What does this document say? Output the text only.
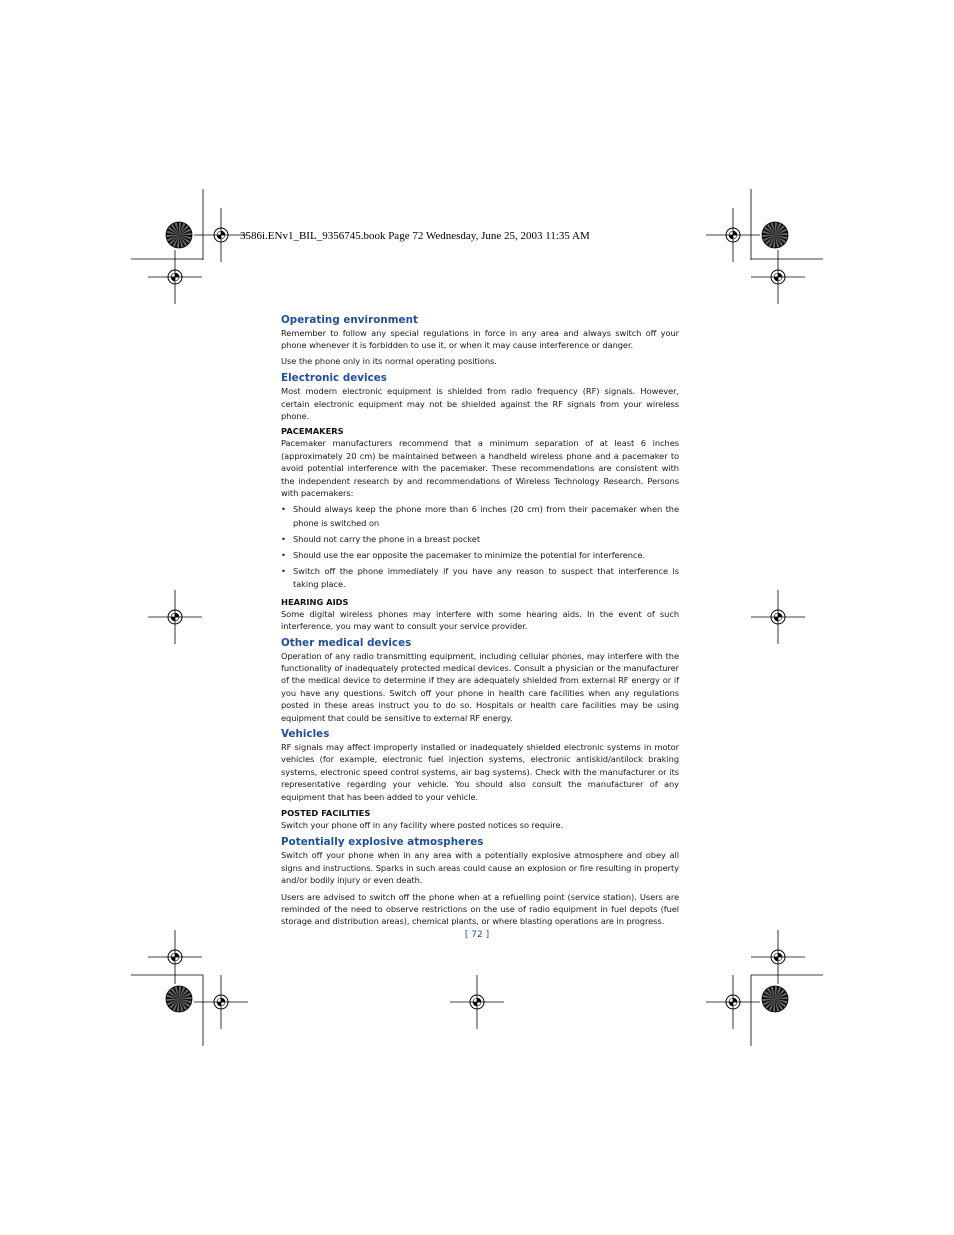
3586i.ENv1_BIL_9356745.book Page 72 Wednesday, June 25, 2003 11:35 AM
Operating environment

Remember to follow any special regulations in force in any area and always switch off your phone whenever it is forbidden to use it, or when it may cause interference or danger.

Use the phone only in its normal operating positions.

Electronic devices

Most modern electronic equipment is shielded from radio frequency (RF) signals. However, certain electronic equipment may not be shielded against the RF signals from your wireless phone.

PACEMAKERS

Pacemaker manufacturers recommend that a minimum separation of at least 6 inches (approximately 20 cm) be maintained between a handheld wireless phone and a pacemaker to avoid potential interference with the pacemaker. These recommendations are consistent with the independent research by and recommendations of Wireless Technology Research. Persons with pacemakers:

• Should always keep the phone more than 6 inches (20 cm) from their pacemaker when the phone is switched on
• Should not carry the phone in a breast pocket
• Should use the ear opposite the pacemaker to minimize the potential for interference.
• Switch off the phone immediately if you have any reason to suspect that interference is taking place.
HEARING AIDS

Some digital wireless phones may interfere with some hearing aids. In the event of such interference, you may want to consult your service provider.

Other medical devices

Operation of any radio transmitting equipment, including cellular phones, may interfere with the functionality of inadequately protected medical devices. Consult a physician or the manufacturer of the medical device to determine if they are adequately shielded from external RF energy or if you have any questions. Switch off your phone in health care facilities when any regulations posted in these areas instruct you to do so. Hospitals or health care facilities may be using equipment that could be sensitive to external RF energy.

Vehicles

RF signals may affect improperly installed or inadequately shielded electronic systems in motor vehicles (for example, electronic fuel injection systems, electronic antiskid/antilock braking systems, electronic speed control systems, air bag systems). Check with the manufacturer or its representative regarding your vehicle. You should also consult the manufacturer of any equipment that has been added to your vehicle.

POSTED FACILITIES

Switch your phone off in any facility where posted notices so require.

Potentially explosive atmospheres

Switch off your phone when in any area with a potentially explosive atmosphere and obey all signs and instructions. Sparks in such areas could cause an explosion or fire resulting in property and/or bodily injury or even death.

Users are advised to switch off the phone when at a refuelling point (service station). Users are reminded of the need to observe restrictions on the use of radio equipment in fuel depots (fuel storage and distribution areas), chemical plants, or where blasting operations are in progress.

[ 72 ]
